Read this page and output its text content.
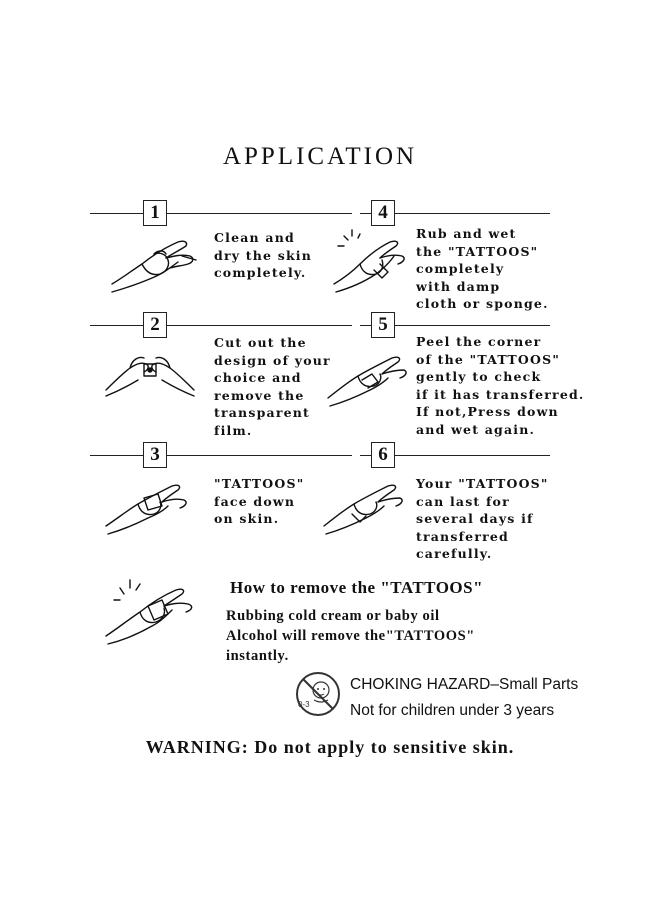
APPLICATION
1	4
2	5
3	6
Clean and
dry the skin
completely.
Cut out the
design of your
choice and
remove the
transparent
film.
"TATTOOS"
face down
on skin.
Rub and wet
the "TATTOOS"
completely
with damp
cloth or sponge.
Peel the corner
of the "TATTOOS"
gently to check
if it has transferred.
If not,Press down
and wet again.
Your "TATTOOS"
can last for
several days if
transferred
carefully.
How to remove the "TATTOOS"
Rubbing cold cream or baby oil
Alcohol will remove the"TATTOOS"
instantly.
0-3
CHOKING HAZARD–Small Parts
Not for children under 3 years
WARNING: Do not apply to sensitive skin.
